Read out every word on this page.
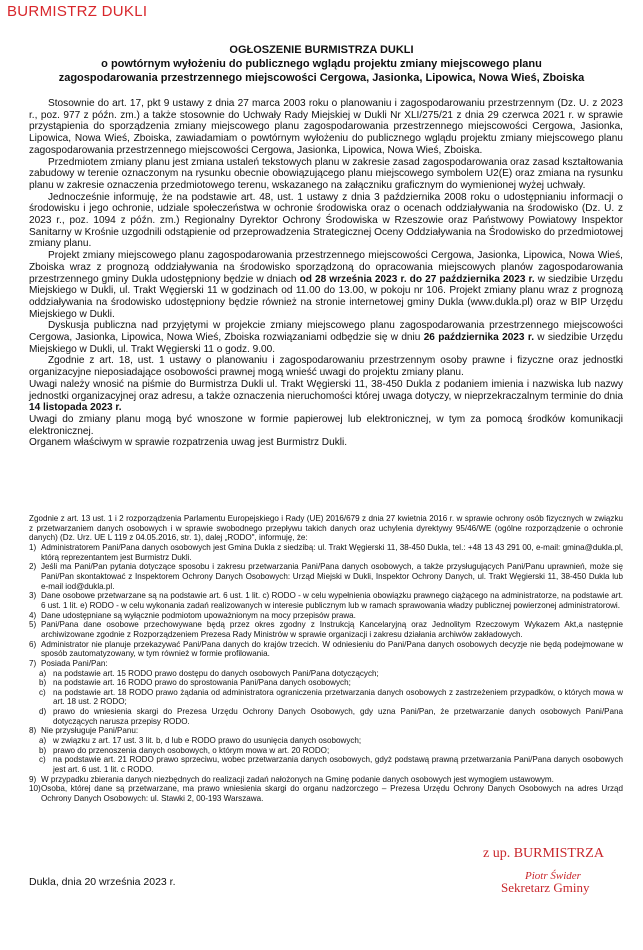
BURMISTRZ DUKLI
OGŁOSZENIE BURMISTRZA DUKLI
o powtórnym wyłożeniu do publicznego wglądu projektu zmiany miejscowego planu
zagospodarowania przestrzennego miejscowości Cergowa, Jasionka, Lipowica, Nowa Wieś, Zboiska

Stosownie do art. 17, pkt 9 ustawy z dnia 27 marca 2003 roku o planowaniu i zagospodarowaniu przestrzennym (Dz. U. z 2023 r., poz. 977 z późn. zm.) a także stosownie do Uchwały Rady Miejskiej w Dukli Nr XLI/275/21 z dnia 29 czerwca 2021 r. w sprawie przystąpienia do sporządzenia zmiany miejscowego planu zagospodarowania przestrzennego miejscowości Cergowa, Jasionka, Lipowica, Nowa Wieś, Zboiska, zawiadamiam o powtórnym wyłożeniu do publicznego wglądu projektu zmiany miejscowego planu zagospodarowania przestrzennego miejscowości Cergowa, Jasionka, Lipowica, Nowa Wieś, Zboiska.

Przedmiotem zmiany planu jest zmiana ustaleń tekstowych planu w zakresie zasad zagospodarowania oraz zasad kształtowania zabudowy w terenie oznaczonym na rysunku obecnie obowiązującego planu miejscowego symbolem U2(E) oraz zmiana na rysunku planu w zakresie oznaczenia przedmiotowego terenu, wskazanego na załączniku graficznym do wymienionej wyżej uchwały.

Jednocześnie informuję, że na podstawie art. 48, ust. 1 ustawy z dnia 3 października 2008 roku o udostępnianiu informacji o środowisku i jego ochronie, udziale społeczeństwa w ochronie środowiska oraz o ocenach oddziaływania na środowisko (Dz. U. z 2023 r., poz. 1094 z późn. zm.) Regionalny Dyrektor Ochrony Środowiska w Rzeszowie oraz Państwowy Powiatowy Inspektor Sanitarny w Krośnie uzgodnili odstąpienie od przeprowadzenia Strategicznej Oceny Oddziaływania na Środowisko do przedmiotowej zmiany planu.

Projekt zmiany miejscowego planu zagospodarowania przestrzennego miejscowości Cergowa, Jasionka, Lipowica, Nowa Wieś, Zboiska wraz z prognozą oddziaływania na środowisko sporządzoną do opracowania miejscowych planów zagospodarowania przestrzennego gminy Dukla udostępniony będzie w dniach od 28 września 2023 r. do 27 października 2023 r. w siedzibie Urzędu Miejskiego w Dukli, ul. Trakt Węgierski 11 w godzinach od 11.00 do 13.00, w pokoju nr 106. Projekt zmiany planu wraz z prognozą oddziaływania na środowisko udostępniony będzie również na stronie internetowej gminy Dukla (www.dukla.pl) oraz w BIP Urzędu Miejskiego w Dukli.

Dyskusja publiczna nad przyjętymi w projekcie zmiany miejscowego planu zagospodarowania przestrzennego miejscowości Cergowa, Jasionka, Lipowica, Nowa Wieś, Zboiska rozwiązaniami odbędzie się w dniu 26 października 2023 r. w siedzibie Urzędu Miejskiego w Dukli, ul. Trakt Węgierski 11 o godz. 9.00.

Zgodnie z art. 18, ust. 1 ustawy o planowaniu i zagospodarowaniu przestrzennym osoby prawne i fizyczne oraz jednostki organizacyjne nieposiadające osobowości prawnej mogą wnieść uwagi do projektu zmiany planu.

Uwagi należy wnosić na piśmie do Burmistrza Dukli ul. Trakt Węgierski 11, 38-450 Dukla z podaniem imienia i nazwiska lub nazwy jednostki organizacyjnej oraz adresu, a także oznaczenia nieruchomości której uwaga dotyczy, w nieprzekraczalnym terminie do dnia 14 listopada 2023 r.

Uwagi do zmiany planu mogą być wnoszone w formie papierowej lub elektronicznej, w tym za pomocą środków komunikacji elektronicznej.

Organem właściwym w sprawie rozpatrzenia uwag jest Burmistrz Dukli.

Zgodnie z art. 13 ust. 1 i 2 rozporządzenia Parlamentu Europejskiego i Rady (UE) 2016/679 z dnia 27 kwietnia 2016 r. w sprawie ochrony osób fizycznych w związku z przetwarzaniem danych osobowych i w sprawie swobodnego przepływu takich danych oraz uchylenia dyrektywy 95/46/WE (ogólne rozporządzenie o ochronie danych) (Dz. Urz. UE L 119 z 04.05.2016, str. 1), dalej „RODO", informuję, że:

1) Administratorem Pani/Pana danych osobowych jest Gmina Dukla z siedzibą: ul. Trakt Węgierski 11, 38-450 Dukla, tel.: +48 13 43 291 00, e-mail: gmina@dukla.pl, którą reprezentantem jest Burmistrz Dukli.
2) Jeśli ma Pani/Pan pytania dotyczące sposobu i zakresu przetwarzania Pani/Pana danych osobowych, a także przysługujących Pani/Panu uprawnień, może się Pani/Pan skontaktować z Inspektorem Ochrony Danych Osobowych: Urząd Miejski w Dukli, Inspektor Ochrony Danych, ul. Trakt Węgierski 11, 38-450 Dukla lub e-mail iod@dukla.pl.
3) Dane osobowe przetwarzane są na podstawie art. 6 ust. 1 lit. c) RODO - w celu wypełnienia obowiązku prawnego ciążącego na administratorze, na podstawie art. 6 ust. 1 lit. e) RODO - w celu wykonania zadań realizowanych w interesie publicznym lub w ramach sprawowania władzy publicznej powierzonej administratorowi.
4) Dane udostępniane są wyłącznie podmiotom upoważnionym na mocy przepisów prawa.
5) Pani/Pana dane osobowe przechowywane będą przez okres zgodny z Instrukcją Kancelaryjną oraz Jednolitym Rzeczowym Wykazem Akt,a następnie archiwizowane zgodnie z Rozporządzeniem Prezesa Rady Ministrów w sprawie organizacji i zakresu działania archiwów zakładowych.
6) Administrator nie planuje przekazywać Pani/Pana danych do krajów trzecich. W odniesieniu do Pani/Pana danych osobowych decyzje nie będą podejmowane w sposób zautomatyzowany, w tym również w formie profilowania.
7) Posiada Pani/Pan:
a) na podstawie art. 15 RODO prawo dostępu do danych osobowych Pani/Pana dotyczących;
b) na podstawie art. 16 RODO prawo do sprostowania Pani/Pana danych osobowych;
c) na podstawie art. 18 RODO prawo żądania od administratora ograniczenia przetwarzania danych osobowych z zastrzeżeniem przypadków, o których mowa w art. 18 ust. 2 RODO;
d) prawo do wniesienia skargi do Prezesa Urzędu Ochrony Danych Osobowych, gdy uzna Pani/Pan, że przetwarzanie danych osobowych Pani/Pana dotyczących narusza przepisy RODO.
8) Nie przysługuje Pani/Panu:
a) w związku z art. 17 ust. 3 lit. b, d lub e RODO prawo do usunięcia danych osobowych;
b) prawo do przenoszenia danych osobowych, o którym mowa w art. 20 RODO;
c) na podstawie art. 21 RODO prawo sprzeciwu, wobec przetwarzania danych osobowych, gdyż podstawą prawną przetwarzania Pani/Pana danych osobowych jest art. 6 ust. 1 lit. c RODO.
9) W przypadku zbierania danych niezbędnych do realizacji zadań nałożonych na Gminę podanie danych osobowych jest wymogiem ustawowym.
10) Osoba, której dane są przetwarzane, ma prawo wniesienia skargi do organu nadzorczego – Prezesa Urzędu Ochrony Danych Osobowych na adres Urząd Ochrony Danych Osobowych: ul. Stawki 2, 00-193 Warszawa.
Dukla, dnia 20 września 2023 r.
z up. BURMISTRZA
Piotr Świder
Sekretarz Gminy
